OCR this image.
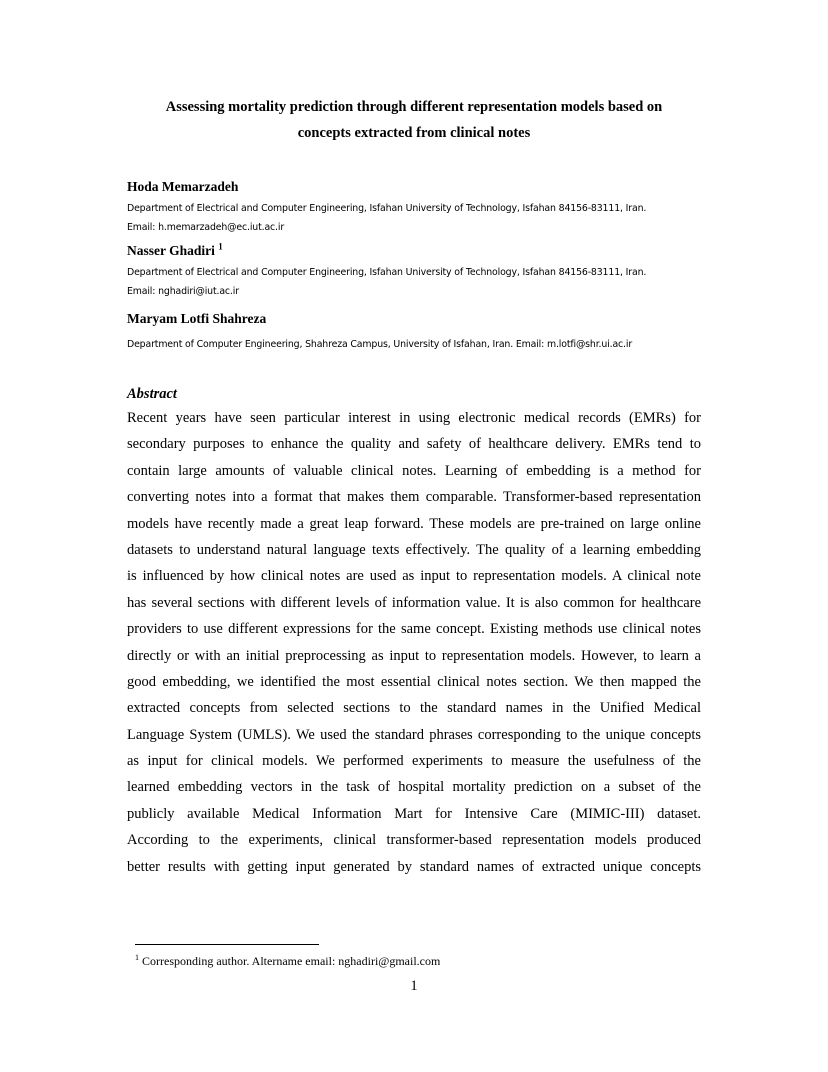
Assessing mortality prediction through different representation models based on
concepts extracted from clinical notes
Hoda Memarzadeh
Department of Electrical and Computer Engineering, Isfahan University of Technology, Isfahan 84156-83111, Iran.
Email: h.memarzadeh@ec.iut.ac.ir
Nasser Ghadiri $^1$
Department of Electrical and Computer Engineering, Isfahan University of Technology, Isfahan 84156-83111, Iran.
Email: nghadiri@iut.ac.ir
Maryam Lotfi Shahreza
Department of Computer Engineering, Shahreza Campus, University of Isfahan, Iran. Email: m.lotfi@shr.ui.ac.ir
Abstract
Recent years have seen particular interest in using electronic medical records (EMRs) for
secondary purposes to enhance the quality and safety of healthcare delivery. EMRs tend to
contain large amounts of valuable clinical notes. Learning of embedding is a method for
converting notes into a format that makes them comparable. Transformer-based representation
models have recently made a great leap forward. These models are pre-trained on large online
datasets to understand natural language texts effectively. The quality of a learning embedding
is influenced by how clinical notes are used as input to representation models. A clinical note
has several sections with different levels of information value. It is also common for healthcare
providers to use different expressions for the same concept. Existing methods use clinical notes
directly or with an initial preprocessing as input to representation models. However, to learn a
good embedding, we identified the most essential clinical notes section. We then mapped the
extracted concepts from selected sections to the standard names in the Unified Medical
Language System (UMLS). We used the standard phrases corresponding to the unique concepts
as input for clinical models. We performed experiments to measure the usefulness of the
learned embedding vectors in the task of hospital mortality prediction on a subset of the
publicly available Medical Information Mart for Intensive Care (MIMIC-III) dataset.
According to the experiments, clinical transformer-based representation models produced
better results with getting input generated by standard names of extracted unique concepts
$^1$ Corresponding author. Altername email: nghadiri@gmail.com
1
